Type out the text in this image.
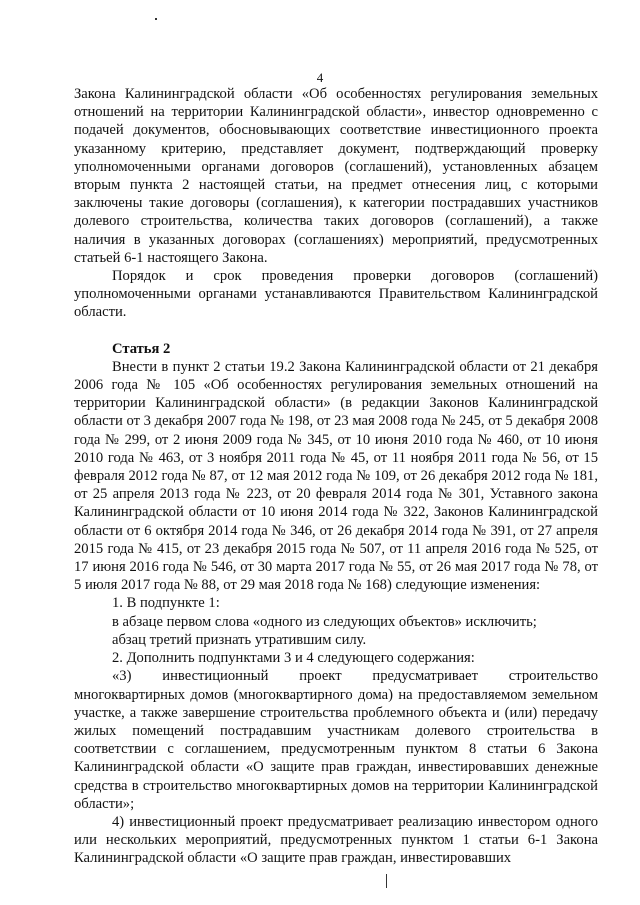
4

Закона Калининградской области «Об особенностях регулирования земельных отношений на территории Калининградской области», инвестор одновременно с подачей документов, обосновывающих соответствие инвестиционного проекта указанному критерию, представляет документ, подтверждающий проверку уполномоченными органами договоров (соглашений), установленных абзацем вторым пункта 2 настоящей статьи, на предмет отнесения лиц, с которыми заключены такие договоры (соглашения), к категории пострадавших участников долевого строительства, количества таких договоров (соглашений), а также наличия в указанных договорах (соглашениях) мероприятий, предусмотренных статьей 6-1 настоящего Закона.

Порядок и срок проведения проверки договоров (соглашений) уполномоченными органами устанавливаются Правительством Калининградской области.

Статья 2

Внести в пункт 2 статьи 19.2 Закона Калининградской области от 21 декабря 2006 года № 105 «Об особенностях регулирования земельных отношений на территории Калининградской области» (в редакции Законов Калининградской области от 3 декабря 2007 года № 198, от 23 мая 2008 года № 245, от 5 декабря 2008 года № 299, от 2 июня 2009 года № 345, от 10 июня 2010 года № 460, от 10 июня 2010 года № 463, от 3 ноября 2011 года № 45, от 11 ноября 2011 года № 56, от 15 февраля 2012 года № 87, от 12 мая 2012 года № 109, от 26 декабря 2012 года № 181, от 25 апреля 2013 года № 223, от 20 февраля 2014 года № 301, Уставного закона Калининградской области от 10 июня 2014 года № 322, Законов Калининградской области от 6 октября 2014 года № 346, от 26 декабря 2014 года № 391, от 27 апреля 2015 года № 415, от 23 декабря 2015 года № 507, от 11 апреля 2016 года № 525, от 17 июня 2016 года № 546, от 30 марта 2017 года № 55, от 26 мая 2017 года № 78, от 5 июля 2017 года № 88, от 29 мая 2018 года № 168) следующие изменения:

1. В подпункте 1:

в абзаце первом слова «одного из следующих объектов» исключить;

абзац третий признать утратившим силу.

2. Дополнить подпунктами 3 и 4 следующего содержания:

«3) инвестиционный проект предусматривает строительство многоквартирных домов (многоквартирного дома) на предоставляемом земельном участке, а также завершение строительства проблемного объекта и (или) передачу жилых помещений пострадавшим участникам долевого строительства в соответствии с соглашением, предусмотренным пунктом 8 статьи 6 Закона Калининградской области «О защите прав граждан, инвестировавших денежные средства в строительство многоквартирных домов на территории Калининградской области»;

4) инвестиционный проект предусматривает реализацию инвестором одного или нескольких мероприятий, предусмотренных пунктом 1 статьи 6-1 Закона Калининградской области «О защите прав граждан, инвестировавших
